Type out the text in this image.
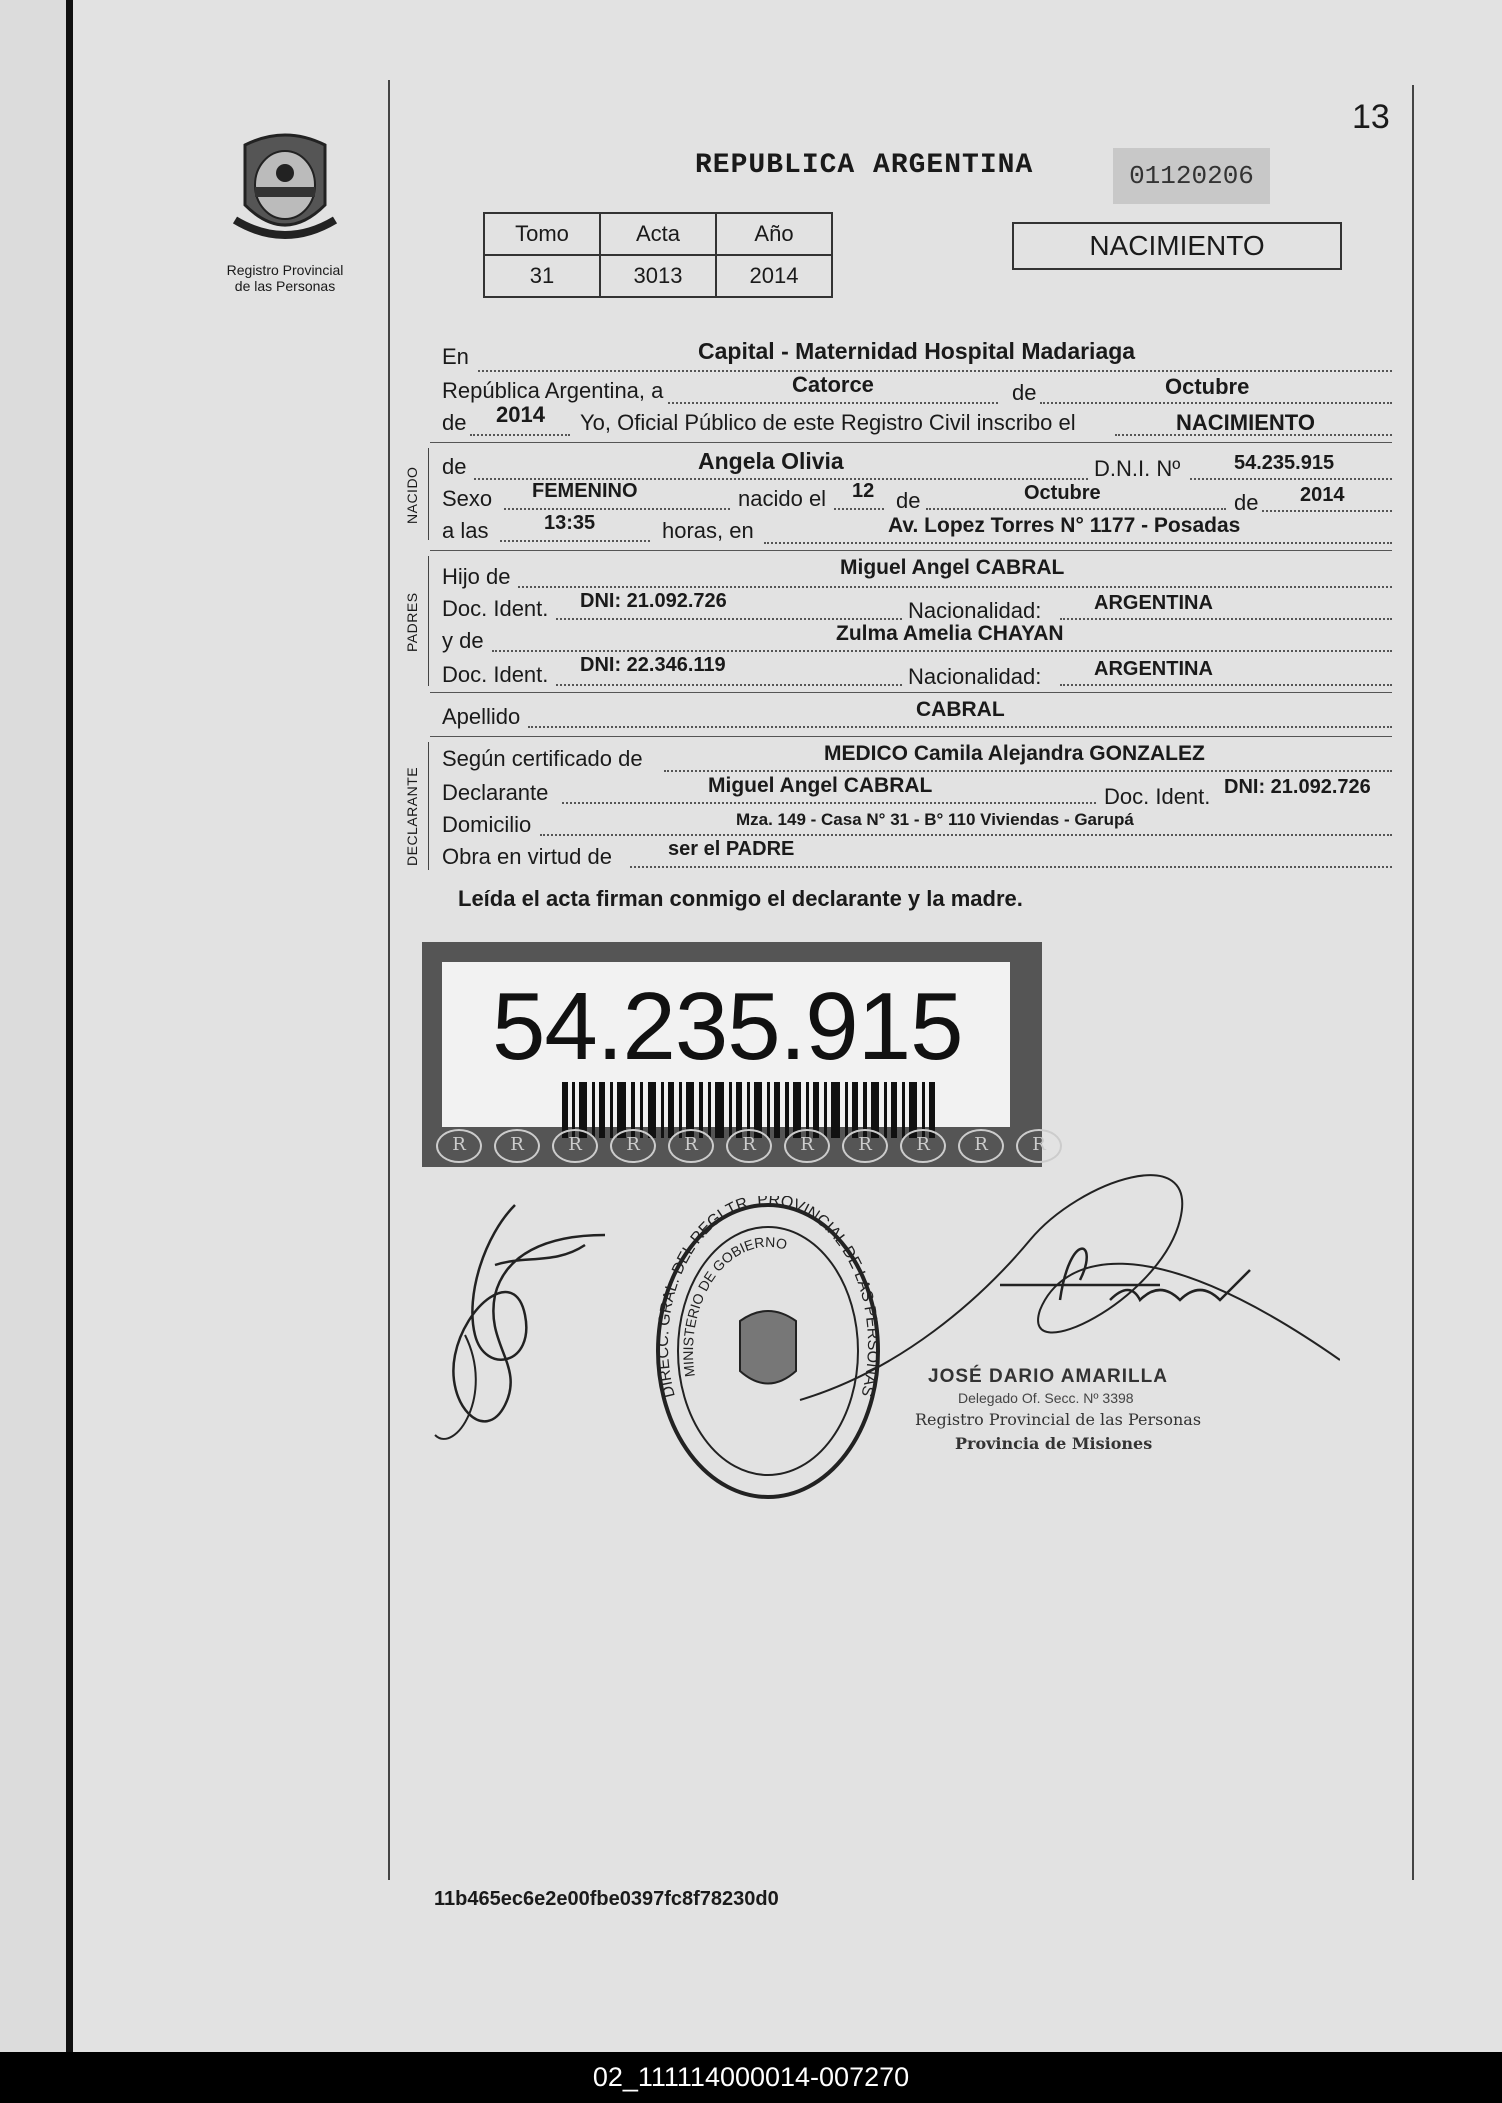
Registro Provincial
de las Personas
13
REPUBLICA ARGENTINA	01120206
Tomo	Acta	Año
31	3013	2014
NACIMIENTO
En	Capital - Maternidad Hospital Madariaga
República Argentina, a	Catorce	de	Octubre
de 2014 Yo, Oficial Público de este Registro Civil inscribo el	NACIMIENTO
NACIDO
de	Angela Olivia	D.N.I. Nº	54.235.915
Sexo FEMENINO	nacido el 12 de	Octubre	de 2014
a las	13:35	horas, en	Av. Lopez Torres N° 1177 - Posadas
PADRES
Hijo de	Miguel Angel CABRAL
Doc. Ident. DNI: 21.092.726	Nacionalidad:	ARGENTINA
y de	Zulma Amelia CHAYAN
Doc. Ident. DNI: 22.346.119	Nacionalidad:	ARGENTINA
Apellido	CABRAL
DECLARANTE
Según certificado de	MEDICO Camila Alejandra GONZALEZ
Declarante	Miguel Angel CABRAL	Doc. Ident. DNI: 21.092.726
Domicilio	Mza. 149 - Casa N° 31 - B° 110 Viviendas - Garupá
Obra en virtud de	ser el PADRE
Leída el acta firman conmigo el declarante y la madre.
54.235.915
R	R	R	R	R	R	R	R	R	R	R
DIRECC. GRAL. DEL REGI TR. PROVINCIAL DE LAS PERSONAS
MINISTERIO DE GOBIERNO
JOSÉ DARIO AMARILLA
Delegado Of. Secc. Nº 3398
Registro Provincial de las Personas
Provincia de Misiones
11b465ec6e2e00fbe0397fc8f78230d0
02_111114000014-007270
